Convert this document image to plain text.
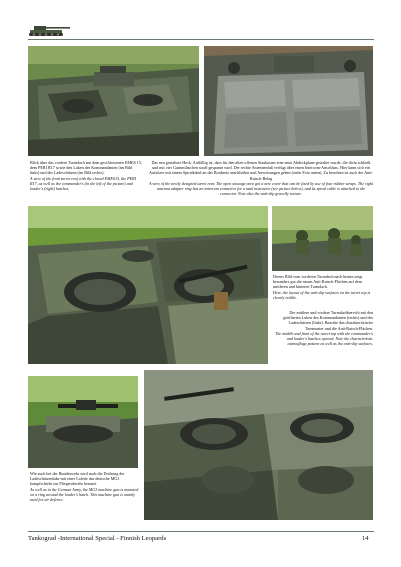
Blick über das vordere Turmdach mit dem geschlossenen EMES 15, dem PERI R17 sowie den Luken des Kommandanten (im Bild links) und des Ladeschützen (im Bild rechts).

A view of the front turret roof with the closed EMES15, the PERI R17, as well as the commander's (in the left of the picture) and loader's (right) hatches.

Das neu gestaltete Heck. Auffällig ist, dass für den alten offenen Staukasten eine neue Abdeckplane gestaltet wurde, die dicht schließt und mit vier Gummilaschen straff gespannt wird. Der rechte Antennenfuß verfügt über einen Intercom-Anschluss. Hier kann sich ein Aufsitzer mit einem Spiralkabel an das Bordnetz anschließen und Anweisungen geben (siehe Foto unten). Zu beachten ist auch der Anti-Rutsch-Belag

A view of the newly designed turret rear. The open stowage area got a new cover that can be fixed by use of four rubber straps. The right antenna adapter ring has an intercom connector for a tank instructor (see picture below), and its spiral cable is attached to the connector. Note also the anti-slip gravelly texture.

Dieses Bild vom vorderen Turmdach nach hinten zeigt besonders gut die neuen Anti-Rutsch-Flächen auf dem mittleren und hinteren Turmdach.

Here, the layout of the anti-slip surfaces on the turret top is clearly visible.

Der mittlere und vordere Turmdachbereich mit den geöffneten Luken des Kommandanten (rechts) und des Ladeschützen (links). Beachte das charakteristische Tarnmuster und die Anti-Rutsch-Flächen.

The middle and front of the turret top with the commander's and loader's hatches opened. Note the characteristic camouflage pattern as well as the anti-slip surfaces.

Wie auch bei der Bundeswehr wird auch die Drehring der Ladeschützenluke mit einer Lafette das deutsche MG3 kampfschiebt zur Fliegerabwehr benutzt.

As well as in the German Army, the MG3 machine gun is mounted on a ring around the loader's hatch. This machine gun is mainly used for air defence.

Tankograd -International Special - Finnish Leopards	14
